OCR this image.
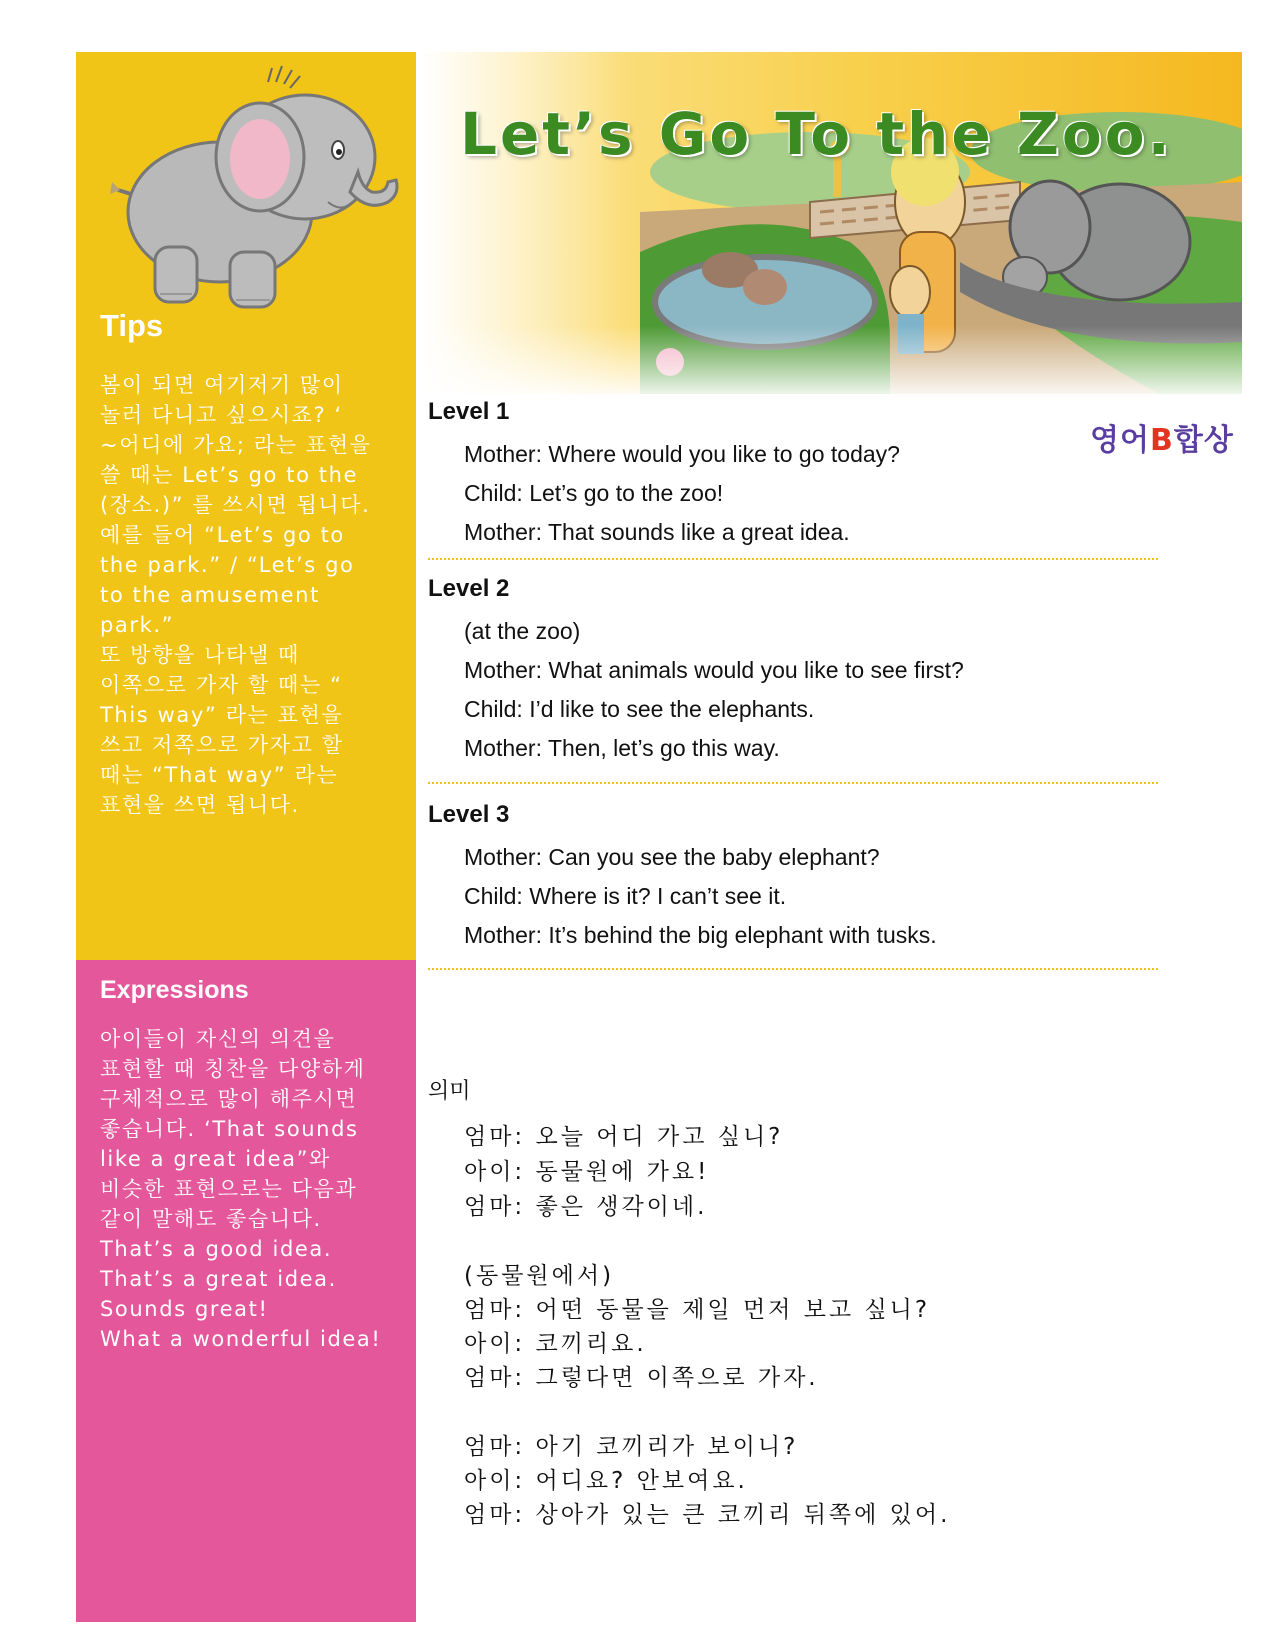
Tips
봄이 되면 여기저기 많이
놀러 다니고 싶으시죠? ‘
~어디에 가요; 라는 표현을
쓸 때는 Let’s go to the
(장소.)” 를 쓰시면 됩니다.
예를 들어 “Let’s go to
the park.” / “Let’s go
to the amusement
park.”
또 방향을 나타낼 때
이쪽으로 가자 할 때는 “
This way” 라는 표현을
쓰고 저쪽으로 가자고 할
때는 “That way” 라는
표현을 쓰면 됩니다.
Expressions
아이들이 자신의 의견을
표현할 때 칭찬을 다양하게
구체적으로 많이 해주시면
좋습니다. ‘That sounds
like a great idea”와
비슷한 표현으로는 다음과
같이 말해도 좋습니다.
That’s a good idea.
That’s a great idea.
Sounds great!
What a wonderful idea!
Let’s Go To the Zoo.
영어B합상
Level 1
Mother: Where would you like to go today?
Child: Let’s go to the zoo!
Mother: That sounds like a great idea.
Level 2
(at the zoo)
Mother: What animals would you like to see first?
Child: I’d like to see the elephants.
Mother: Then, let’s go this way.
Level 3
Mother: Can you see the baby elephant?
Child: Where is it? I can’t see it.
Mother: It’s behind the big elephant with tusks.
의미
엄마: 오늘 어디 가고 싶니?
아이: 동물원에 가요!
엄마: 좋은 생각이네.
(동물원에서)
엄마: 어떤 동물을 제일 먼저 보고 싶니?
아이: 코끼리요.
엄마: 그렇다면 이쪽으로 가자.
엄마: 아기 코끼리가 보이니?
아이: 어디요? 안보여요.
엄마: 상아가 있는 큰 코끼리 뒤쪽에 있어.
